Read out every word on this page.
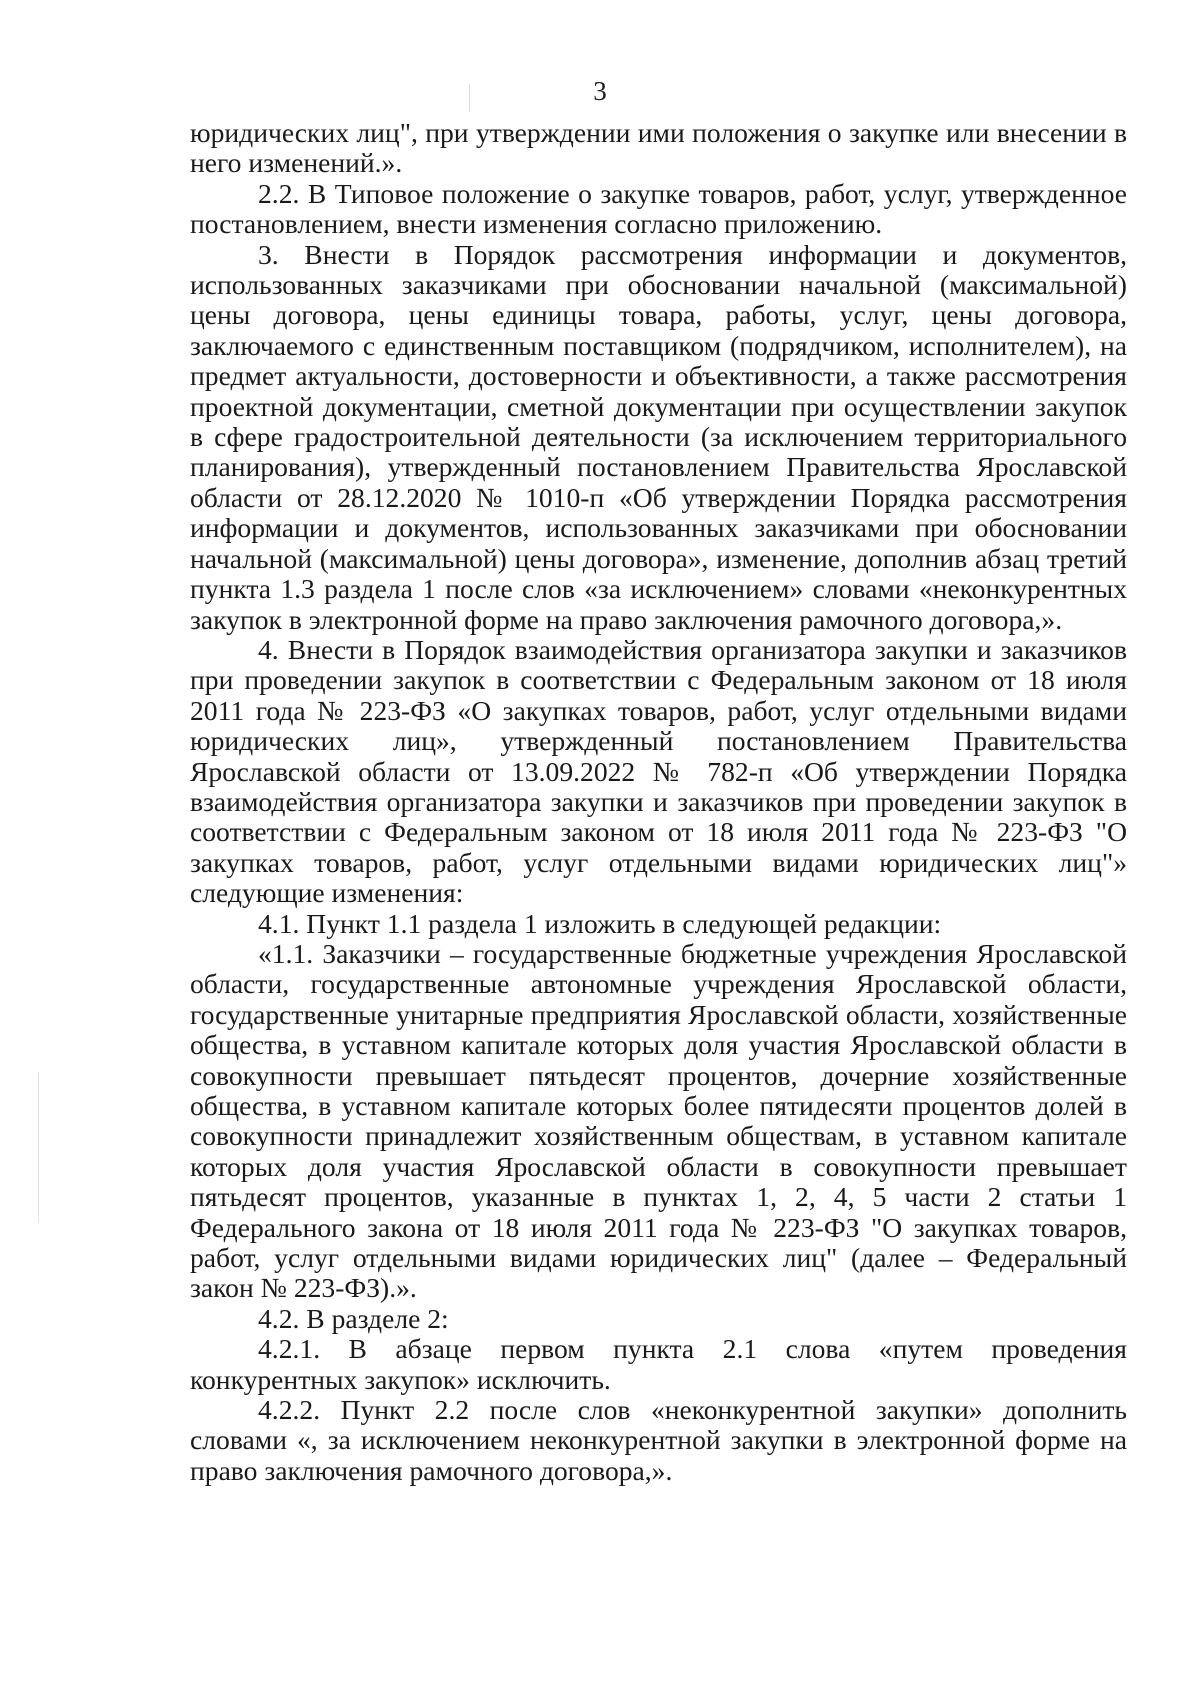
3

юридических лиц", при утверждении ими положения о закупке или внесении в него изменений.».

2.2. В Типовое положение о закупке товаров, работ, услуг, утвержденное постановлением, внести изменения согласно приложению.

3. Внести в Порядок рассмотрения информации и документов, использованных заказчиками при обосновании начальной (максимальной) цены договора, цены единицы товара, работы, услуг, цены договора, заключаемого с единственным поставщиком (подрядчиком, исполнителем), на предмет актуальности, достоверности и объективности, а также рассмотрения проектной документации, сметной документации при осуществлении закупок в сфере градостроительной деятельности (за исключением территориального планирования), утвержденный постановлением Правительства Ярославской области от 28.12.2020 № 1010-п «Об утверждении Порядка рассмотрения информации и документов, использованных заказчиками при обосновании начальной (максимальной) цены договора», изменение, дополнив абзац третий пункта 1.3 раздела 1 после слов «за исключением» словами «неконкурентных закупок в электронной форме на право заключения рамочного договора,».

4. Внести в Порядок взаимодействия организатора закупки и заказчиков при проведении закупок в соответствии с Федеральным законом от 18 июля 2011 года № 223-ФЗ «О закупках товаров, работ, услуг отдельными видами юридических лиц», утвержденный постановлением Правительства Ярославской области от 13.09.2022 № 782-п «Об утверждении Порядка взаимодействия организатора закупки и заказчиков при проведении закупок в соответствии с Федеральным законом от 18 июля 2011 года № 223-ФЗ "О закупках товаров, работ, услуг отдельными видами юридических лиц"» следующие изменения:

4.1. Пункт 1.1 раздела 1 изложить в следующей редакции:

«1.1. Заказчики – государственные бюджетные учреждения Ярославской области, государственные автономные учреждения Ярославской области, государственные унитарные предприятия Ярославской области, хозяйственные общества, в уставном капитале которых доля участия Ярославской области в совокупности превышает пятьдесят процентов, дочерние хозяйственные общества, в уставном капитале которых более пятидесяти процентов долей в совокупности принадлежит хозяйственным обществам, в уставном капитале которых доля участия Ярославской области в совокупности превышает пятьдесят процентов, указанные в пунктах 1, 2, 4, 5 части 2 статьи 1 Федерального закона от 18 июля 2011 года № 223-ФЗ "О закупках товаров, работ, услуг отдельными видами юридических лиц" (далее – Федеральный закон № 223-ФЗ).».

4.2. В разделе 2:

4.2.1. В абзаце первом пункта 2.1 слова «путем проведения конкурентных закупок» исключить.

4.2.2. Пункт 2.2 после слов «неконкурентной закупки» дополнить словами «, за исключением неконкурентной закупки в электронной форме на право заключения рамочного договора,».
